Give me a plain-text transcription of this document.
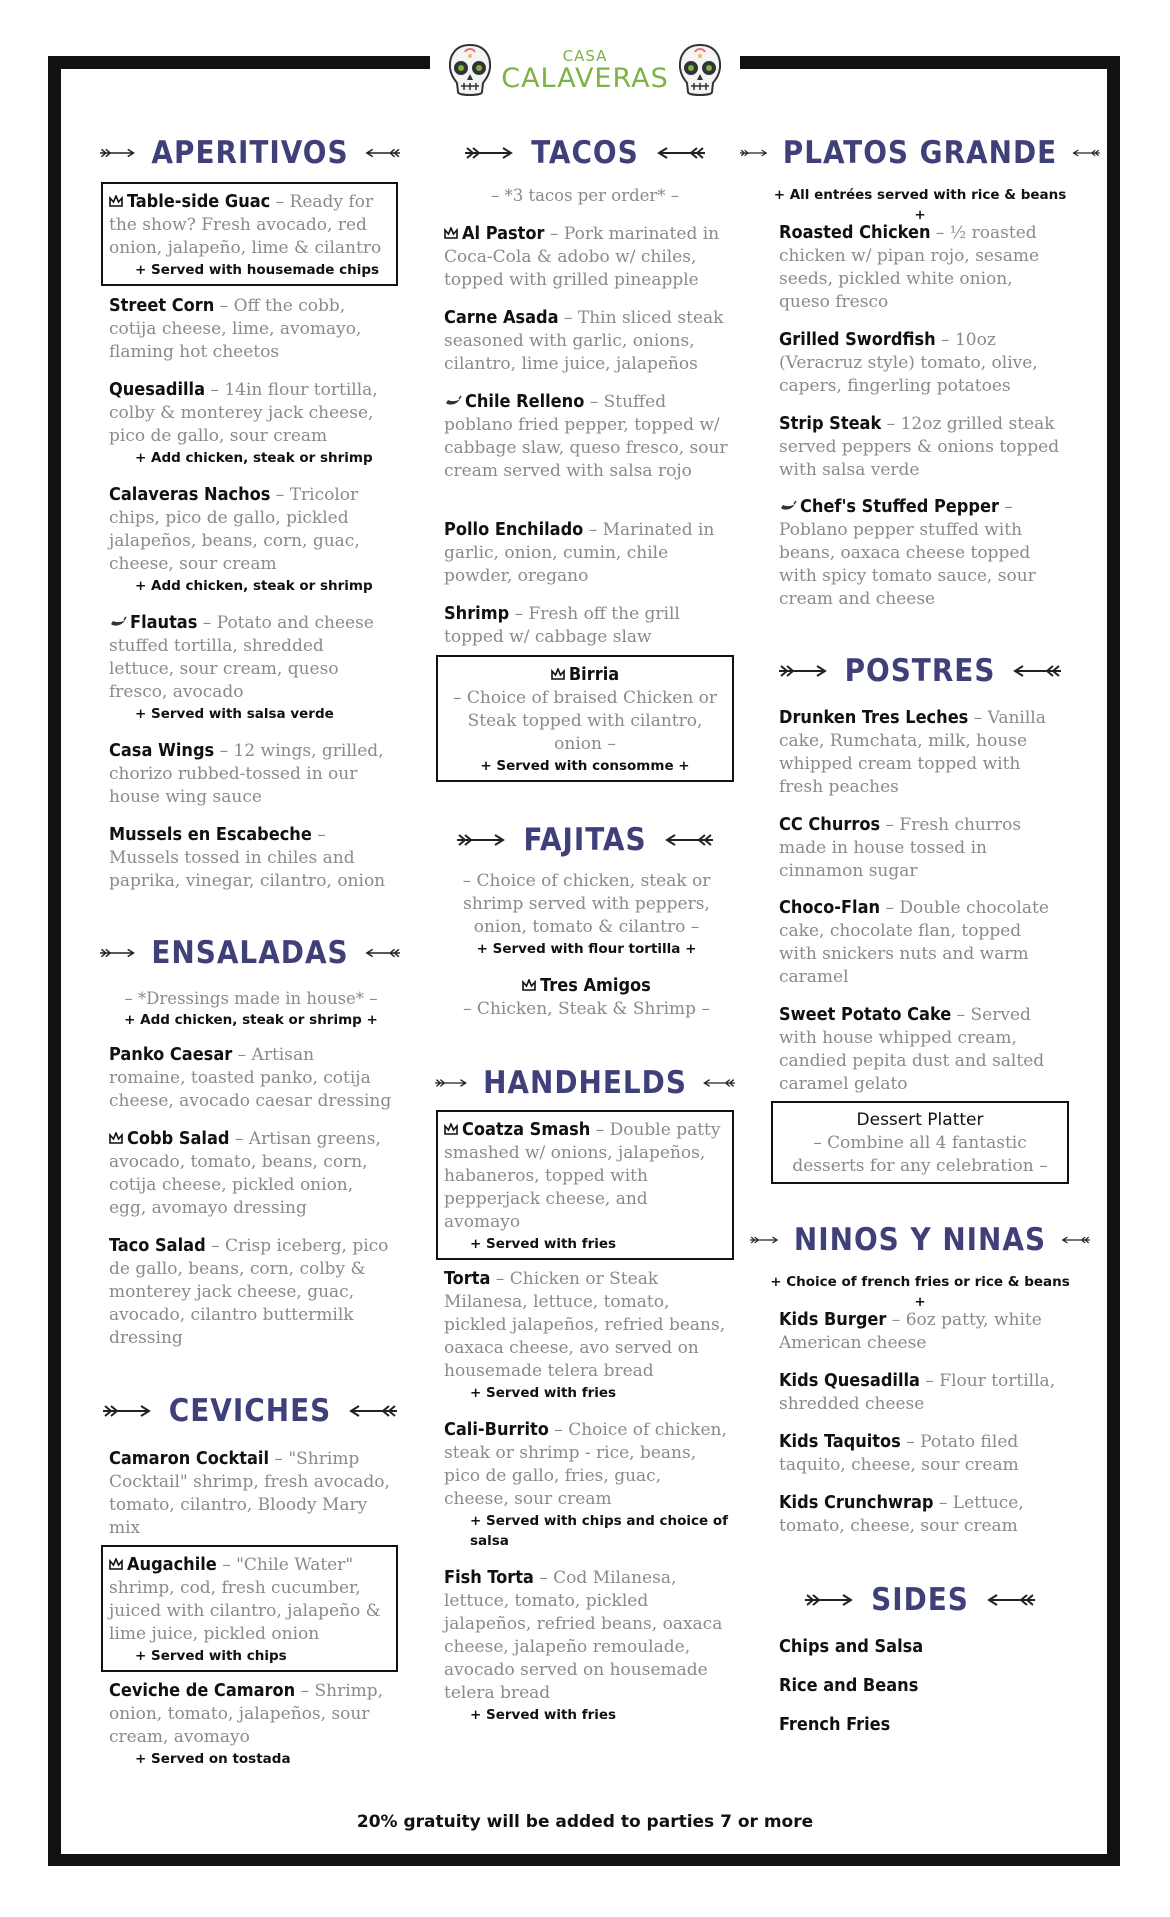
CASA
CALAVERAS
APERITIVOS
Table-side Guac – Ready for the show? Fresh avocado, red onion, jalapeño, lime & cilantro
+ Served with housemade chips
Street Corn – Off the cobb, cotija cheese, lime, avomayo, flaming hot cheetos
Quesadilla – 14in flour tortilla, colby & monterey jack cheese, pico de gallo, sour cream
+ Add chicken, steak or shrimp
Calaveras Nachos – Tricolor chips, pico de gallo, pickled jalapeños, beans, corn, guac, cheese, sour cream
+ Add chicken, steak or shrimp
Flautas – Potato and cheese stuffed tortilla, shredded lettuce, sour cream, queso fresco, avocado
+ Served with salsa verde
Casa Wings – 12 wings, grilled, chorizo rubbed-tossed in our house wing sauce
Mussels en Escabeche – Mussels tossed in chiles and paprika, vinegar, cilantro, onion
ENSALADAS
– *Dressings made in house* –
+ Add chicken, steak or shrimp +
Panko Caesar – Artisan romaine, toasted panko, cotija cheese, avocado caesar dressing
Cobb Salad – Artisan greens, avocado, tomato, beans, corn, cotija cheese, pickled onion, egg, avomayo dressing
Taco Salad – Crisp iceberg, pico de gallo, beans, corn, colby & monterey jack cheese, guac, avocado, cilantro buttermilk dressing
CEVICHES
Camaron Cocktail – "Shrimp Cocktail" shrimp, fresh avocado, tomato, cilantro, Bloody Mary mix
Augachile – "Chile Water" shrimp, cod, fresh cucumber, juiced with cilantro, jalapeño & lime juice, pickled onion
+ Served with chips
Ceviche de Camaron – Shrimp, onion, tomato, jalapeños, sour cream, avomayo
+ Served on tostada
TACOS
– *3 tacos per order* –
Al Pastor – Pork marinated in Coca-Cola & adobo w/ chiles, topped with grilled pineapple
Carne Asada – Thin sliced steak seasoned with garlic, onions, cilantro, lime juice, jalapeños
Chile Relleno – Stuffed poblano fried pepper, topped w/ cabbage slaw, queso fresco, sour cream served with salsa rojo
Pollo Enchilado – Marinated in garlic, onion, cumin, chile powder, oregano
Shrimp – Fresh off the grill topped w/ cabbage slaw
Birria
– Choice of braised Chicken or Steak topped with cilantro, onion –
+ Served with consomme +
FAJITAS
– Choice of chicken, steak or shrimp served with peppers, onion, tomato & cilantro –
+ Served with flour tortilla +
Tres Amigos
– Chicken, Steak & Shrimp –
HANDHELDS
Coatza Smash – Double patty smashed w/ onions, jalapeños, habaneros, topped with pepperjack cheese, and avomayo
+ Served with fries
Torta – Chicken or Steak Milanesa, lettuce, tomato, pickled jalapeños, refried beans, oaxaca cheese, avo served on housemade telera bread
+ Served with fries
Cali-Burrito – Choice of chicken, steak or shrimp - rice, beans, pico de gallo, fries, guac, cheese, sour cream
+ Served with chips and choice of salsa
Fish Torta – Cod Milanesa, lettuce, tomato, pickled jalapeños, refried beans, oaxaca cheese, jalapeño remoulade, avocado served on housemade telera bread
+ Served with fries
PLATOS GRANDE
+ All entrées served with rice & beans +
Roasted Chicken – ½ roasted chicken w/ pipan rojo, sesame seeds, pickled white onion, queso fresco
Grilled Swordfish – 10oz (Veracruz style) tomato, olive, capers, fingerling potatoes
Strip Steak – 12oz grilled steak served peppers & onions topped with salsa verde
Chef's Stuffed Pepper – Poblano pepper stuffed with beans, oaxaca cheese topped with spicy tomato sauce, sour cream and cheese
POSTRES
Drunken Tres Leches – Vanilla cake, Rumchata, milk, house whipped cream topped with fresh peaches
CC Churros – Fresh churros made in house tossed in cinnamon sugar
Choco-Flan – Double chocolate cake, chocolate flan, topped with snickers nuts and warm caramel
Sweet Potato Cake – Served with house whipped cream, candied pepita dust and salted caramel gelato
Dessert Platter
– Combine all 4 fantastic desserts for any celebration –
NINOS Y NINAS
+ Choice of french fries or rice & beans +
Kids Burger – 6oz patty, white American cheese
Kids Quesadilla – Flour tortilla, shredded cheese
Kids Taquitos – Potato filed taquito, cheese, sour cream
Kids Crunchwrap – Lettuce, tomato, cheese, sour cream
SIDES
Chips and Salsa
Rice and Beans
French Fries
20% gratuity will be added to parties 7 or more
